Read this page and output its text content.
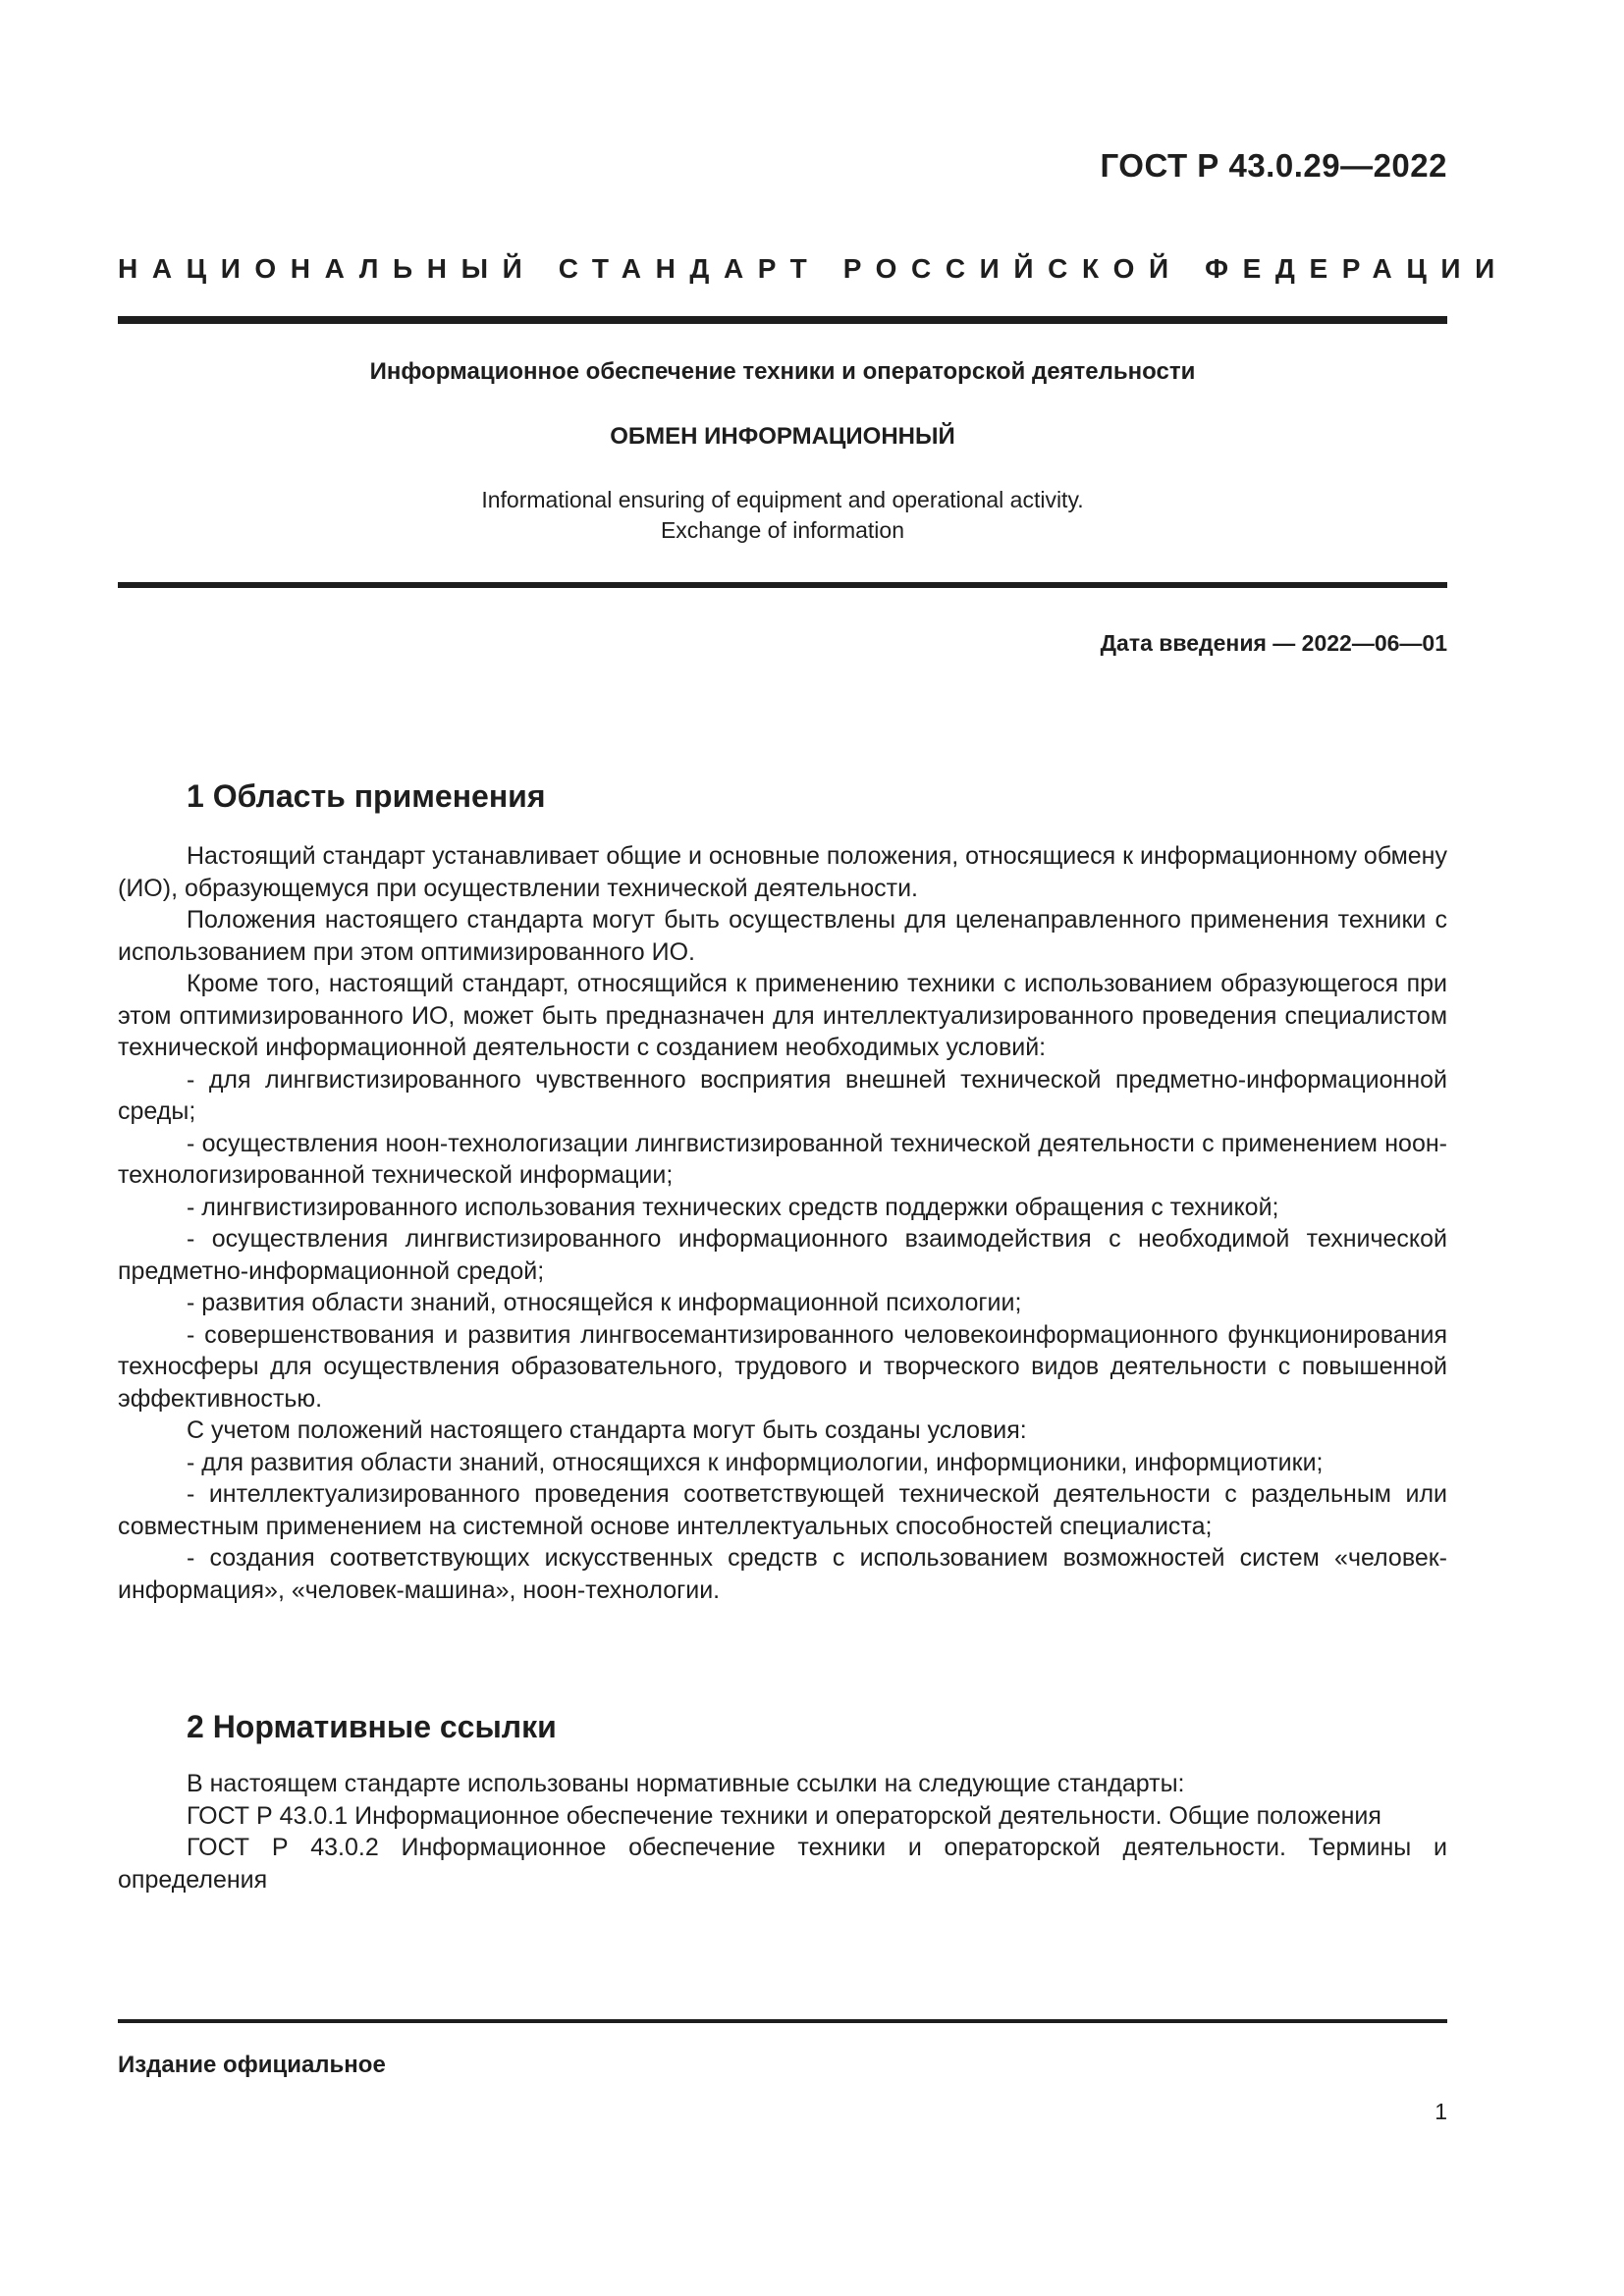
ГОСТ Р 43.0.29—2022
НАЦИОНАЛЬНЫЙ СТАНДАРТ РОССИЙСКОЙ ФЕДЕРАЦИИ
Информационное обеспечение техники и операторской деятельности
ОБМЕН ИНФОРМАЦИОННЫЙ
Informational ensuring of equipment and operational activity.
Exchange of information
Дата введения — 2022—06—01
1 Область применения

Настоящий стандарт устанавливает общие и основные положения, относящиеся к информационному обмену (ИО), образующемуся при осуществлении технической деятельности.

Положения настоящего стандарта могут быть осуществлены для целенаправленного применения техники с использованием при этом оптимизированного ИО.

Кроме того, настоящий стандарт, относящийся к применению техники с использованием образующегося при этом оптимизированного ИО, может быть предназначен для интеллектуализированного проведения специалистом технической информационной деятельности с созданием необходимых условий:

- для лингвистизированного чувственного восприятия внешней технической предметно-информационной среды;

- осуществления ноон-технологизации лингвистизированной технической деятельности с применением ноон-технологизированной технической информации;

- лингвистизированного использования технических средств поддержки обращения с техникой;

- осуществления лингвистизированного информационного взаимодействия с необходимой технической предметно-информационной средой;

- развития области знаний, относящейся к информационной психологии;

- совершенствования и развития лингвосемантизированного человекоинформационного функционирования техносферы для осуществления образовательного, трудового и творческого видов деятельности с повышенной эффективностью.

С учетом положений настоящего стандарта могут быть созданы условия:

- для развития области знаний, относящихся к информциологии, информционики, информциотики;

- интеллектуализированного проведения соответствующей технической деятельности с раздельным или совместным применением на системной основе интеллектуальных способностей специалиста;

- создания соответствующих искусственных средств с использованием возможностей систем «человек-информация», «человек-машина», ноон-технологии.

2 Нормативные ссылки

В настоящем стандарте использованы нормативные ссылки на следующие стандарты:

ГОСТ Р 43.0.1 Информационное обеспечение техники и операторской деятельности. Общие положения

ГОСТ Р 43.0.2 Информационное обеспечение техники и операторской деятельности. Термины и определения

Издание официальное
1
